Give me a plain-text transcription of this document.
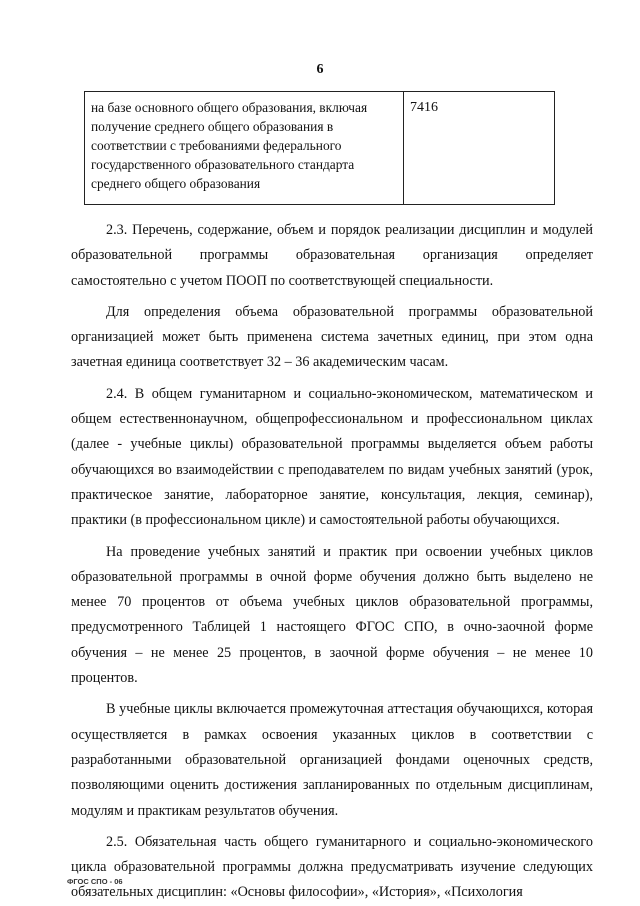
6
на базе основного общего образования, включая получение среднего общего образования в соответствии с требованиями федерального государственного образовательного стандарта среднего общего образования
7416

2.3. Перечень, содержание, объем и порядок реализации дисциплин и модулей образовательной программы образовательная организация определяет самостоятельно с учетом ПООП по соответствующей специальности.

Для определения объема образовательной программы образовательной организацией может быть применена система зачетных единиц, при этом одна зачетная единица соответствует 32 – 36 академическим часам.

2.4. В общем гуманитарном и социально-экономическом, математическом и общем естественнонаучном, общепрофессиональном и профессиональном циклах (далее - учебные циклы) образовательной программы выделяется объем работы обучающихся во взаимодействии с преподавателем по видам учебных занятий (урок, практическое занятие, лабораторное занятие, консультация, лекция, семинар), практики (в профессиональном цикле) и самостоятельной работы обучающихся.

На проведение учебных занятий и практик при освоении учебных циклов образовательной программы в очной форме обучения должно быть выделено не менее 70 процентов от объема учебных циклов образовательной программы, предусмотренного Таблицей 1 настоящего ФГОС СПО, в очно-заочной форме обучения – не менее 25 процентов, в заочной форме обучения – не менее 10 процентов.

В учебные циклы включается промежуточная аттестация обучающихся, которая осуществляется в рамках освоения указанных циклов в соответствии с разработанными образовательной организацией фондами оценочных средств, позволяющими оценить достижения запланированных по отдельным дисциплинам, модулям и практикам результатов обучения.

2.5. Обязательная часть общего гуманитарного и социально-экономического цикла образовательной программы должна предусматривать изучение следующих обязательных дисциплин: «Основы философии», «История», «Психология

ФГОС СПО - 06
